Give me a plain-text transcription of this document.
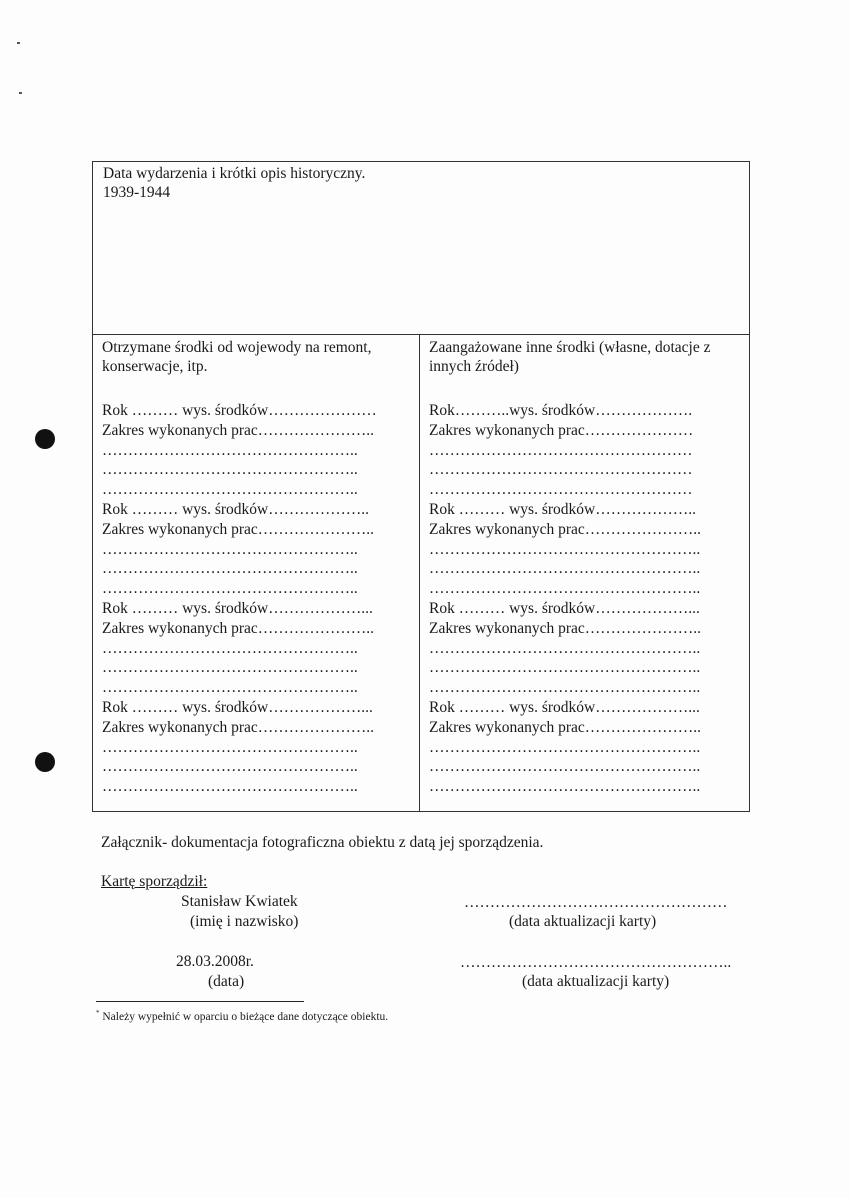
Data wydarzenia i krótki opis historyczny.
1939-1944
Otrzymane środki od wojewody na remont, konserwacje, itp.
Rok ……… wys. środków…………………
Zakres wykonanych prac…………………..
…………………………………………..
…………………………………………..
…………………………………………..
Rok ……… wys. środków………………..
Zakres wykonanych prac…………………..
…………………………………………..
…………………………………………..
…………………………………………..
Rok ……… wys. środków………………...
Zakres wykonanych prac…………………..
…………………………………………..
…………………………………………..
…………………………………………..
Rok ……… wys. środków………………...
Zakres wykonanych prac…………………..
…………………………………………..
…………………………………………..
…………………………………………..
Zaangażowane inne środki (własne, dotacje z innych źródeł)
Rok………..wys. środków……………….
Zakres wykonanych prac…………………
……………………………………………
……………………………………………
……………………………………………
Rok ……… wys. środków………………..
Zakres wykonanych prac…………………..
……………………………………………..
……………………………………………..
……………………………………………..
Rok ……… wys. środków………………...
Zakres wykonanych prac…………………..
……………………………………………..
……………………………………………..
……………………………………………..
Rok ……… wys. środków………………...
Zakres wykonanych prac…………………..
……………………………………………..
……………………………………………..
……………………………………………..
Załącznik- dokumentacja fotograficzna obiektu z datą jej sporządzenia.
Kartę sporządził:
Stanisław Kwiatek
(imię i nazwisko)
28.03.2008r.
(data)
……………………………………………
(data aktualizacji karty)
……………………………………………..
(data aktualizacji karty)
* Należy wypełnić w oparciu o bieżące dane dotyczące obiektu.
